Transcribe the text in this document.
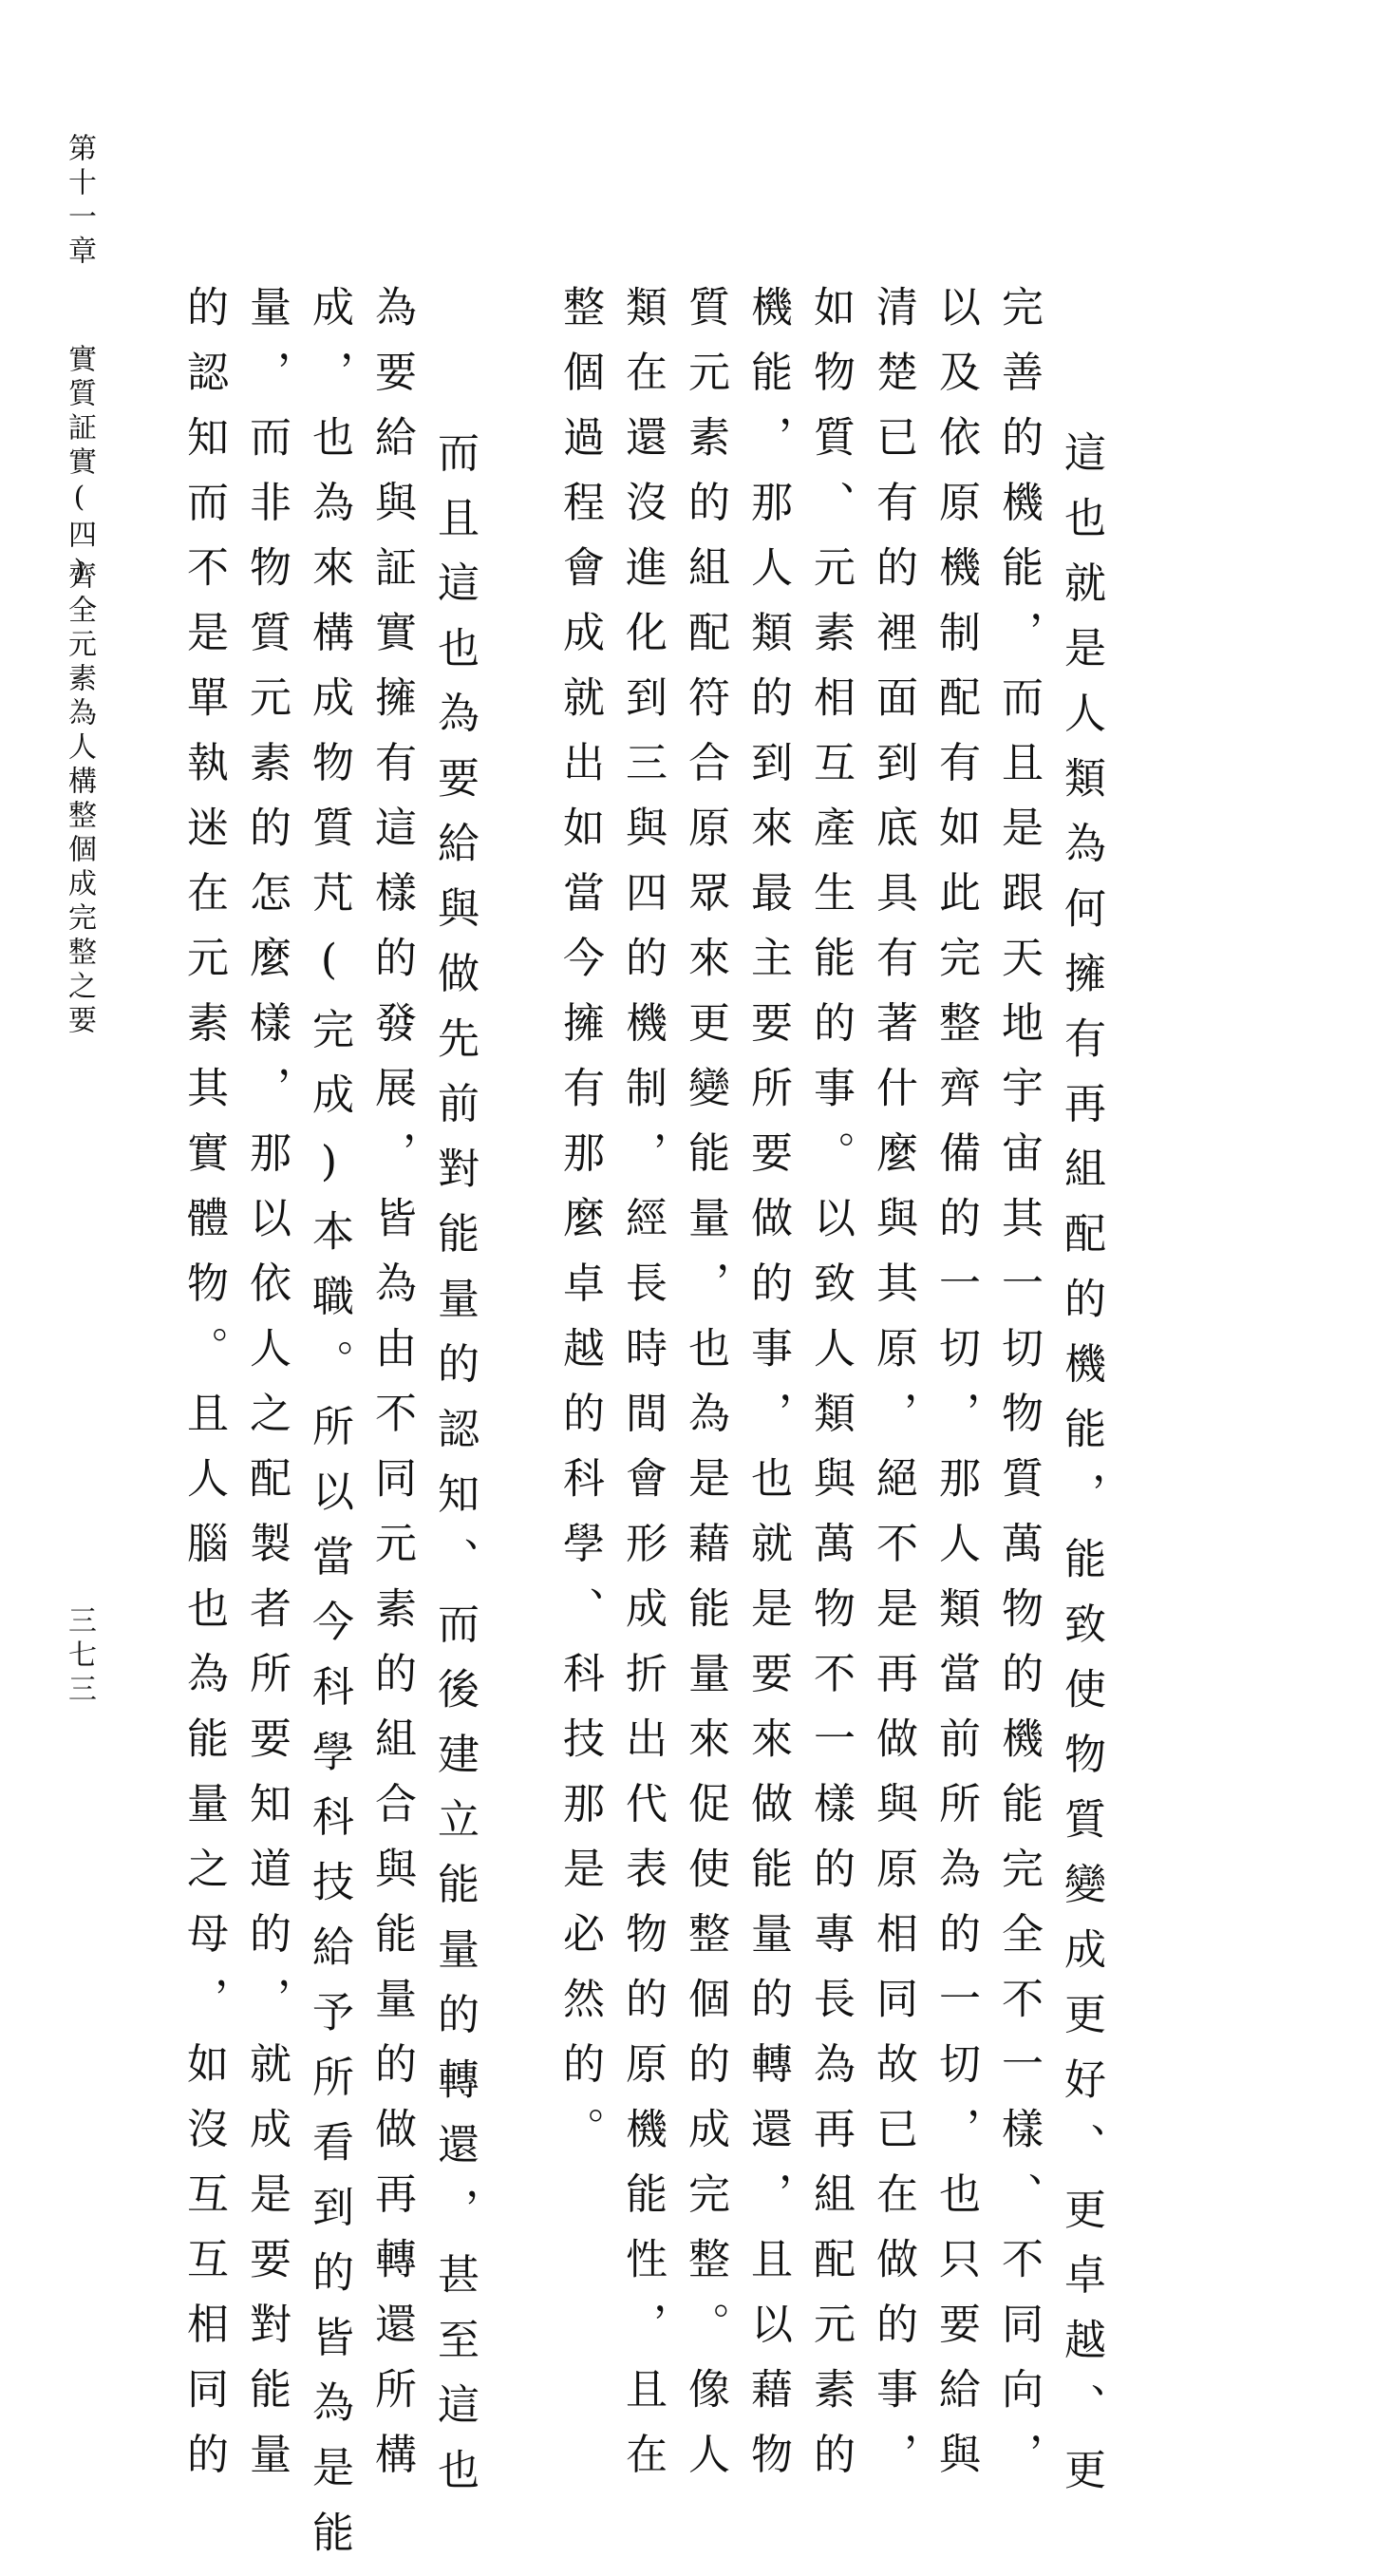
第十一章

實質証實(四)

齊全元素為人構整個成完整之要

三七三	　這也就是人類為何擁有再組配的機能，能致使物質變成更好、更卓越、更

完善的機能，而且是跟天地宇宙其一切物質萬物的機能完全不一樣、不同向，

以及依原機制配有如此完整齊備的一切，那人類當前所為的一切，也只要給與

清楚已有的裡面到底具有著什麼與其原，絕不是再做與原相同故已在做的事，

如物質、元素相互產生能的事。以致人類與萬物不一樣的專長為再組配元素的

機能，那人類的到來最主要所要做的事，也就是要來做能量的轉還，且以藉物

質元素的組配符合原眾來更變能量，也為是藉能量來促使整個的成完整。像人

類在還沒進化到三與四的機制，經長時間會形成折出代表物的原機能性，且在

整個過程會成就出如當今擁有那麼卓越的科學、科技那是必然的。

　而且這也為要給與做先前對能量的認知、而後建立能量的轉還，甚至這也

為要給與証實擁有這樣的發展，皆為由不同元素的組合與能量的做再轉還所構

成，也為來構成物質芃(完成)本職。所以當今科學科技給予所看到的皆為是能

量，而非物質元素的怎麼樣，那以依人之配製者所要知道的，就成是要對能量

的認知而不是單執迷在元素其實體物。且人腦也為能量之母，如沒互互相同的
